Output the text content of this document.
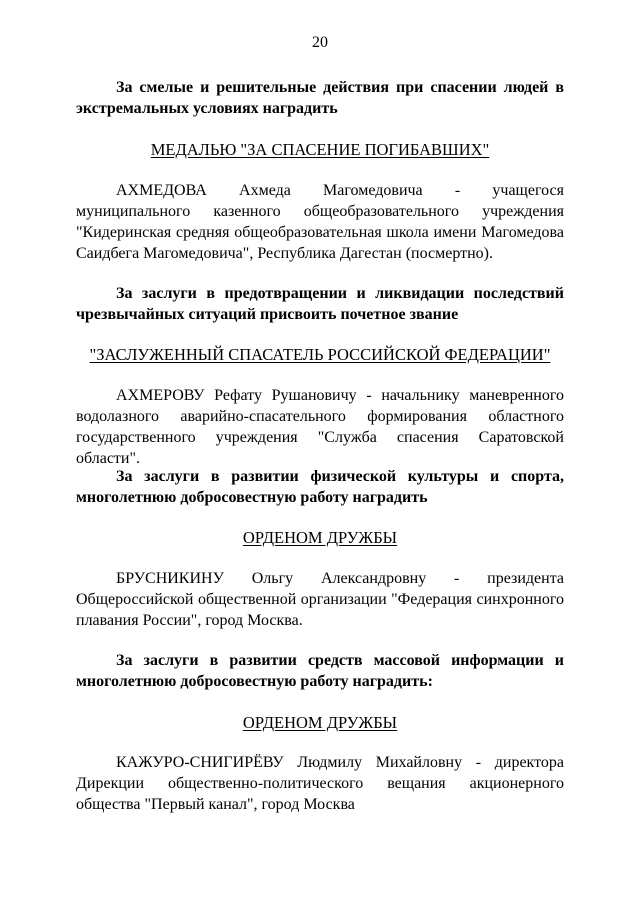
20
За смелые и решительные действия при спасении людей в экстремальных условиях наградить
МЕДАЛЬЮ "ЗА СПАСЕНИЕ ПОГИБАВШИХ"
АХМЕДОВА Ахмеда Магомедовича - учащегося муниципального казенного общеобразовательного учреждения "Кидеринская средняя общеобразовательная школа имени Магомедова Саидбега Магомедовича", Республика Дагестан (посмертно).
За заслуги в предотвращении и ликвидации последствий чрезвычайных ситуаций присвоить почетное звание
"ЗАСЛУЖЕННЫЙ СПАСАТЕЛЬ РОССИЙСКОЙ ФЕДЕРАЦИИ"
АХМЕРОВУ Рефату Рушановичу - начальнику маневренного водолазного аварийно-спасательного формирования областного государственного учреждения "Служба спасения Саратовской области".
За заслуги в развитии физической культуры и спорта, многолетнюю добросовестную работу наградить
ОРДЕНОМ ДРУЖБЫ
БРУСНИКИНУ Ольгу Александровну - президента Общероссийской общественной организации "Федерация синхронного плавания России", город Москва.
За заслуги в развитии средств массовой информации и многолетнюю добросовестную работу наградить:
ОРДЕНОМ ДРУЖБЫ
КАЖУРО-СНИГИРЁВУ Людмилу Михайловну - директора Дирекции общественно-политического вещания акционерного общества "Первый канал", город Москва
